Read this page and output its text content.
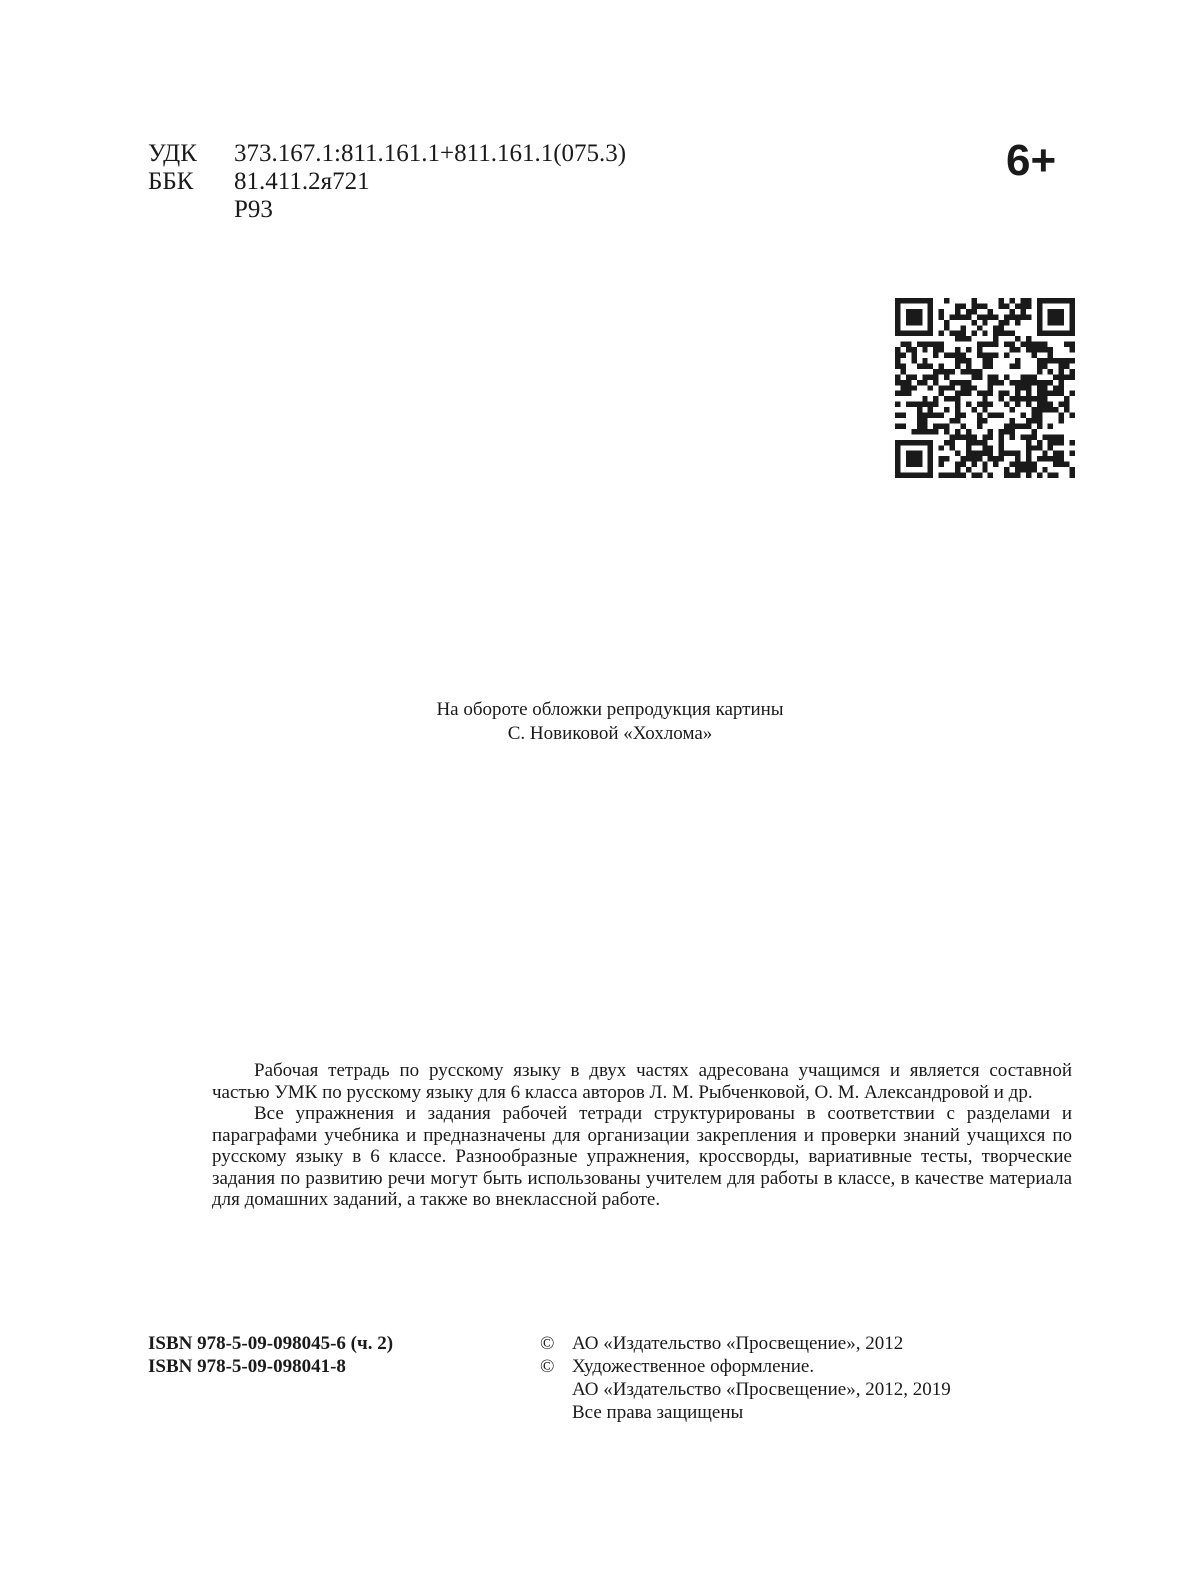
УДК	373.167.1:811.161.1+811.161.1(075.3)
ББК	81.411.2я721
Р93
6+
На обороте обложки репродукция картины
С. Новиковой «Хохлома»

Рабочая тетрадь по русскому языку в двух частях адресована учащимся и является составной частью УМК по русскому языку для 6 класса авторов Л. М. Рыбченковой, О. М. Александровой и др.

Все упражнения и задания рабочей тетради структурированы в соответствии с разделами и параграфами учебника и предназначены для организации закрепления и проверки знаний учащихся по русскому языку в 6 классе. Разнообразные упражнения, кроссворды, вариативные тесты, творческие задания по развитию речи могут быть использованы учителем для работы в классе, в качестве материала для домашних заданий, а также во внеклассной работе.

ISBN 978-5-09-098045-6 (ч. 2)
ISBN 978-5-09-098041-8
© АО «Издательство «Просвещение», 2012
© Художественное оформление.
АО «Издательство «Просвещение», 2012, 2019
Все права защищены
